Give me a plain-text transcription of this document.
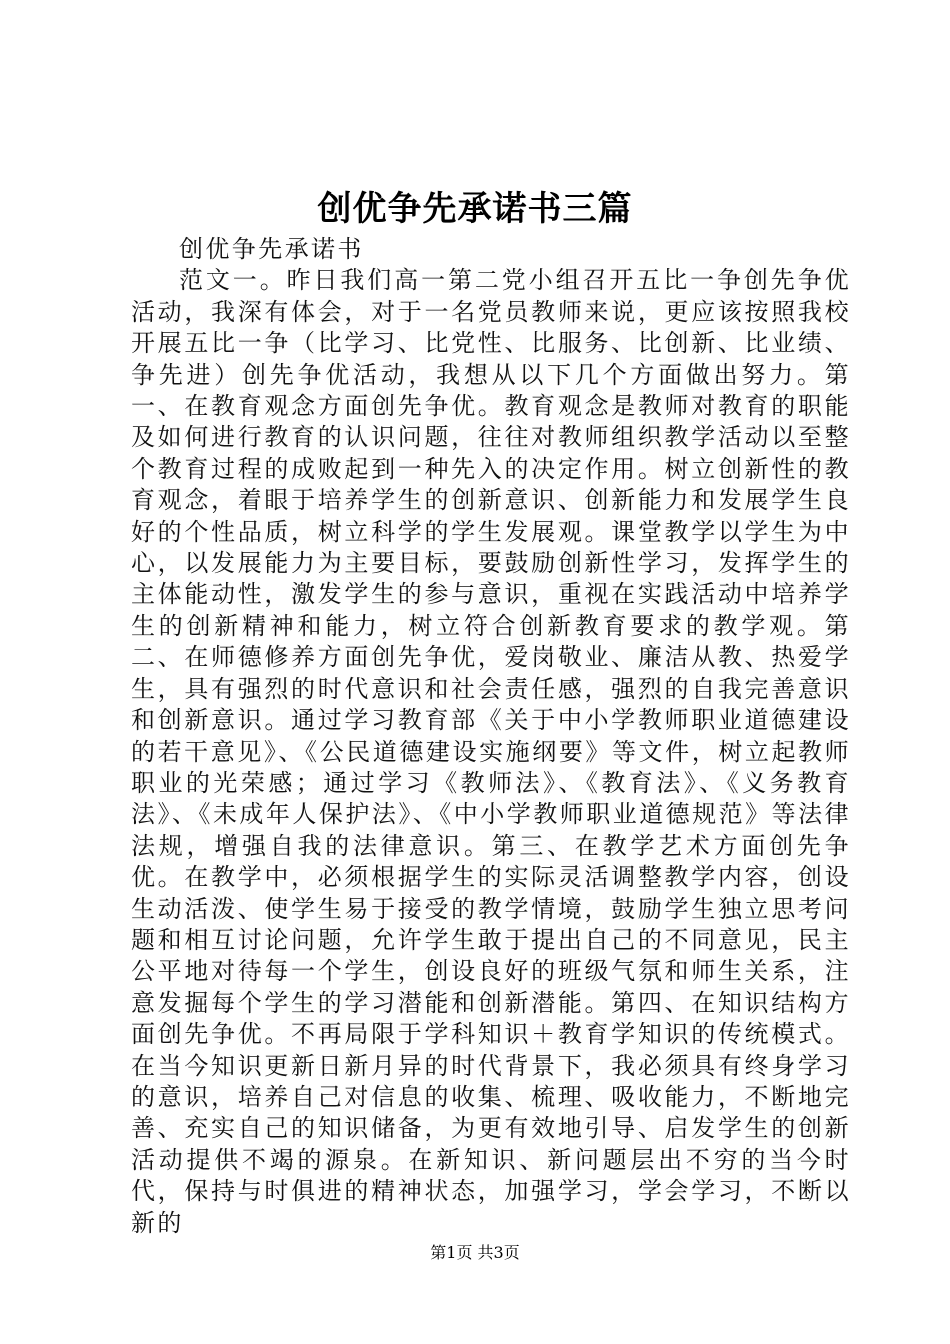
创优争先承诺书三篇

创优争先承诺书

范文一。昨日我们高一第二党小组召开五比一争创先争优活动，我深有体会，对于一名党员教师来说，更应该按照我校开展五比一争（比学习、比党性、比服务、比创新、比业绩、争先进）创先争优活动，我想从以下几个方面做出努力。第一、在教育观念方面创先争优。教育观念是教师对教育的职能及如何进行教育的认识问题，往往对教师组织教学活动以至整个教育过程的成败起到一种先入的决定作用。树立创新性的教育观念，着眼于培养学生的创新意识、创新能力和发展学生良好的个性品质，树立科学的学生发展观。课堂教学以学生为中心，以发展能力为主要目标，要鼓励创新性学习，发挥学生的主体能动性，激发学生的参与意识，重视在实践活动中培养学生的创新精神和能力，树立符合创新教育要求的教学观。第二、在师德修养方面创先争优，爱岗敬业、廉洁从教、热爱学生，具有强烈的时代意识和社会责任感，强烈的自我完善意识和创新意识。通过学习教育部《关于中小学教师职业道德建设的若干意见》、《公民道德建设实施纲要》等文件，树立起教师职业的光荣感；通过学习《教师法》、《教育法》、《义务教育法》、《未成年人保护法》、《中小学教师职业道德规范》等法律法规，增强自我的法律意识。第三、在教学艺术方面创先争优。在教学中，必须根据学生的实际灵活调整教学内容，创设生动活泼、使学生易于接受的教学情境，鼓励学生独立思考问题和相互讨论问题，允许学生敢于提出自己的不同意见，民主公平地对待每一个学生，创设良好的班级气氛和师生关系，注意发掘每个学生的学习潜能和创新潜能。第四、在知识结构方面创先争优。不再局限于学科知识＋教育学知识的传统模式。在当今知识更新日新月异的时代背景下，我必须具有终身学习的意识，培养自己对信息的收集、梳理、吸收能力，不断地完善、充实自己的知识储备，为更有效地引导、启发学生的创新活动提供不竭的源泉。在新知识、新问题层出不穷的当今时代，保持与时俱进的精神状态，加强学习，学会学习，不断以新的

第1页 共3页
